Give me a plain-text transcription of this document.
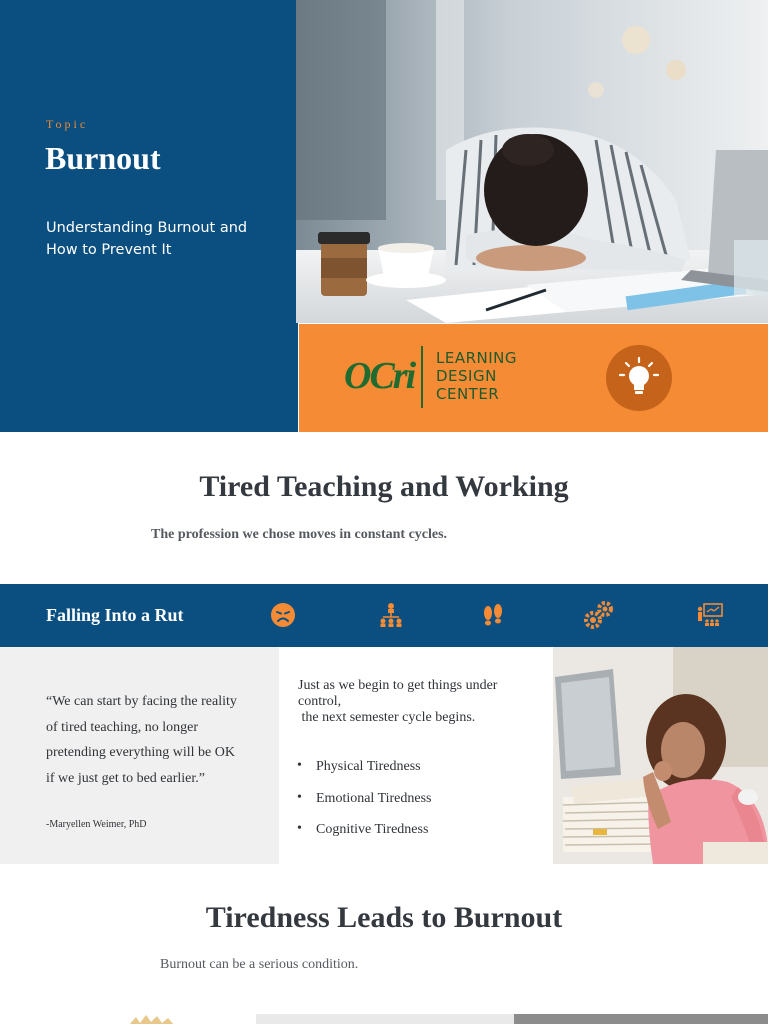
Topic
Burnout

Understanding Burnout and How to Prevent It

OCri LEARNING
DESIGN
CENTER
Tired Teaching and Working

The profession we chose moves in constant cycles.

Falling Into a Rut

“We can start by facing the reality of tired teaching, no longer pretending everything will be OK if we just get to bed earlier.”

-Maryellen Weimer, PhD

Just as we begin to get things under control,
the next semester cycle begins.

• Physical Tiredness
• Emotional Tiredness
• Cognitive Tiredness
Tiredness Leads to Burnout

Burnout can be a serious condition.
